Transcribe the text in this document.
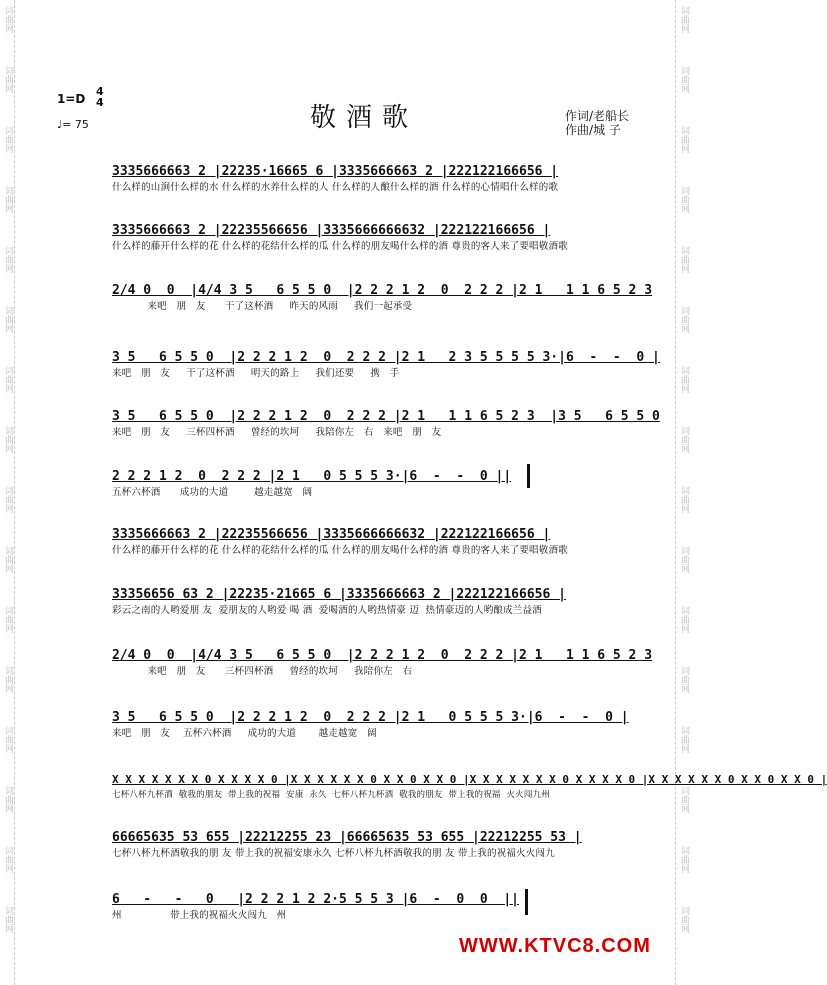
词曲网
词曲网
词曲网
词曲网
词曲网
词曲网
词曲网
词曲网
词曲网
词曲网
词曲网
词曲网
词曲网
词曲网
词曲网
词曲网
词曲网
词曲网
词曲网
词曲网
词曲网
词曲网
词曲网
词曲网
词曲网
词曲网
词曲网
词曲网
词曲网
词曲网
词曲网
词曲网
1=D
4
4
♩= 75	敬酒歌	作词/老船长
作曲/城 子
3335666663 2 |22235·16665 6 |3335666663 2 |222122166656 |
什么样的山涧什么样的水 什么样的水养什么样的人 什么样的人酿什么样的酒 什么样的心情唱什么样的歌
3335666663 2 |22235566656 |3335666666632 |222122166656 |
什么样的藤开什么样的花 什么样的花结什么样的瓜 什么样的朋友喝什么样的酒 尊贵的客人来了要唱敬酒歌
2/4 0  0  |4/4 3 5   6 5 5 0  |2 2 2 1 2  0  2 2 2 |2 1   1 1 6 5 2 3
来吧   朋   友      干了这杯酒     昨天的风雨     我们一起承受
3 5   6 5 5 0  |2 2 2 1 2  0  2 2 2 |2 1   2 3 5 5 5 5 3·|6  -  -  0 |
来吧   朋   友     干了这杯酒     明天的路上     我们还要     携   手
3 5   6 5 5 0  |2 2 2 1 2  0  2 2 2 |2 1   1 1 6 5 2 3  |3 5   6 5 5 0
来吧   朋   友     三杯四杯酒     曾经的坎坷     我陪你左   右   来吧   朋   友
2 2 2 1 2  0  2 2 2 |2 1   0 5 5 5 3·|6  -  -  0 ||
五杯六杯酒      成功的大道        越走越宽   阔
3335666663 2 |22235566656 |3335666666632 |222122166656 |
什么样的藤开什么样的花 什么样的花结什么样的瓜 什么样的朋友喝什么样的酒 尊贵的客人来了要唱敬酒歌
33356656 63 2 |22235·21665 6 |3335666663 2 |222122166656 |
彩云之南的人哟爱朋 友  爱朋友的人哟爱 喝 酒  爱喝酒的人哟热情豪 迈  热情豪迈的人哟酿成兰益酒
2/4 0  0  |4/4 3 5   6 5 5 0  |2 2 2 1 2  0  2 2 2 |2 1   1 1 6 5 2 3
来吧   朋   友      三杯四杯酒     曾经的坎坷     我陪你左   右
3 5   6 5 5 0  |2 2 2 1 2  0  2 2 2 |2 1   0 5 5 5 3·|6  -  -  0 |
来吧   朋   友    五杯六杯酒     成功的大道       越走越宽   阔
X X X X X X X 0 X X X X 0 |X X X X X X 0 X X 0 X X 0 |X X X X X X X 0 X X X X 0 |X X X X X X 0 X X 0 X X 0 |
七杯八杯九杯酒  敬我的朋友  带上我的祝福  安康  永久  七杯八杯九杯酒  敬我的朋友  带上我的祝福  火火闯九州
66665635 53 655 |22212255 23 |66665635 53 655 |22212255 53 |
七杯八杯九杯酒敬我的朋 友 带上我的祝福安康永久 七杯八杯九杯酒敬我的朋 友 带上我的祝福火火闯九
6   -   -   0   |2 2 2 1 2 2·5 5 5 3 |6  -  0  0  ||
州               带上我的祝福火火闯九   州
WWW.KTVC8.COM
